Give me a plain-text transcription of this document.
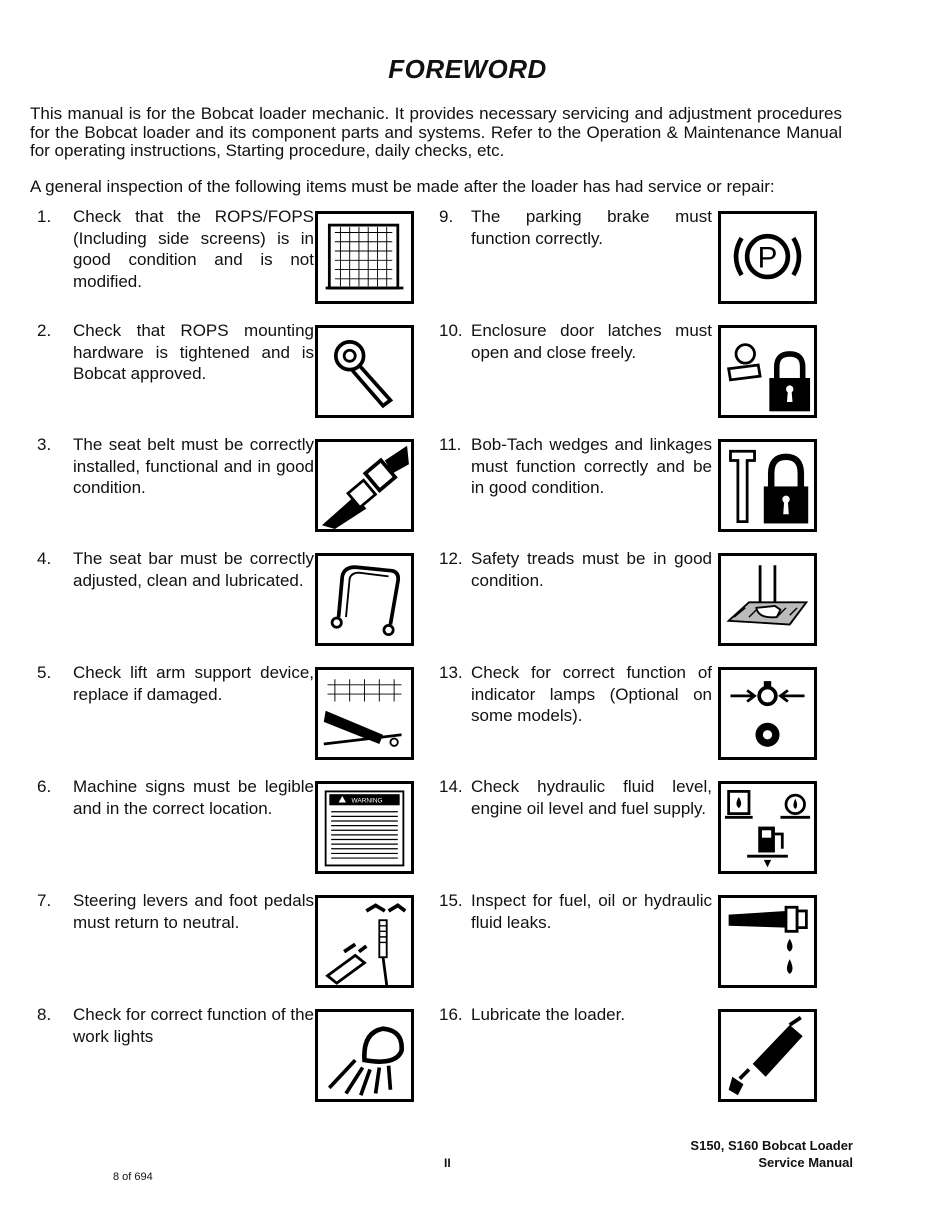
FOREWORD
This manual is for the Bobcat loader mechanic. It provides necessary servicing and adjustment procedures for the Bobcat loader and its component parts and systems. Refer to the Operation & Maintenance Manual for operating instructions, Starting procedure, daily checks, etc.
A general inspection of the following items must be made after the loader has had service or repair:
1. Check that the ROPS/FOPS (Including side screens) is in good condition and is not modified.
2. Check that ROPS mounting hardware is tightened and is Bobcat approved.
3. The seat belt must be correctly installed, functional and in good condition.
4. The seat bar must be correctly adjusted, clean and lubricated.
5. Check lift arm support device, replace if damaged.
6. Machine signs must be legible and in the correct location.	WARNING
7. Steering levers and foot pedals must return to neutral.
8. Check for correct function of the work lights
9. The parking brake must function correctly.
P
10. Enclosure door latches must open and close freely.
11. Bob-Tach wedges and linkages must function correctly and be in good condition.
12. Safety treads must be in good condition.
13. Check for correct function of indicator lamps (Optional on some models).
14. Check hydraulic fluid level, engine oil level and fuel supply.
15. Inspect for fuel, oil or hydraulic fluid leaks.
16. Lubricate the loader.
S150, S160 Bobcat Loader
Service Manual
II
8 of 694
